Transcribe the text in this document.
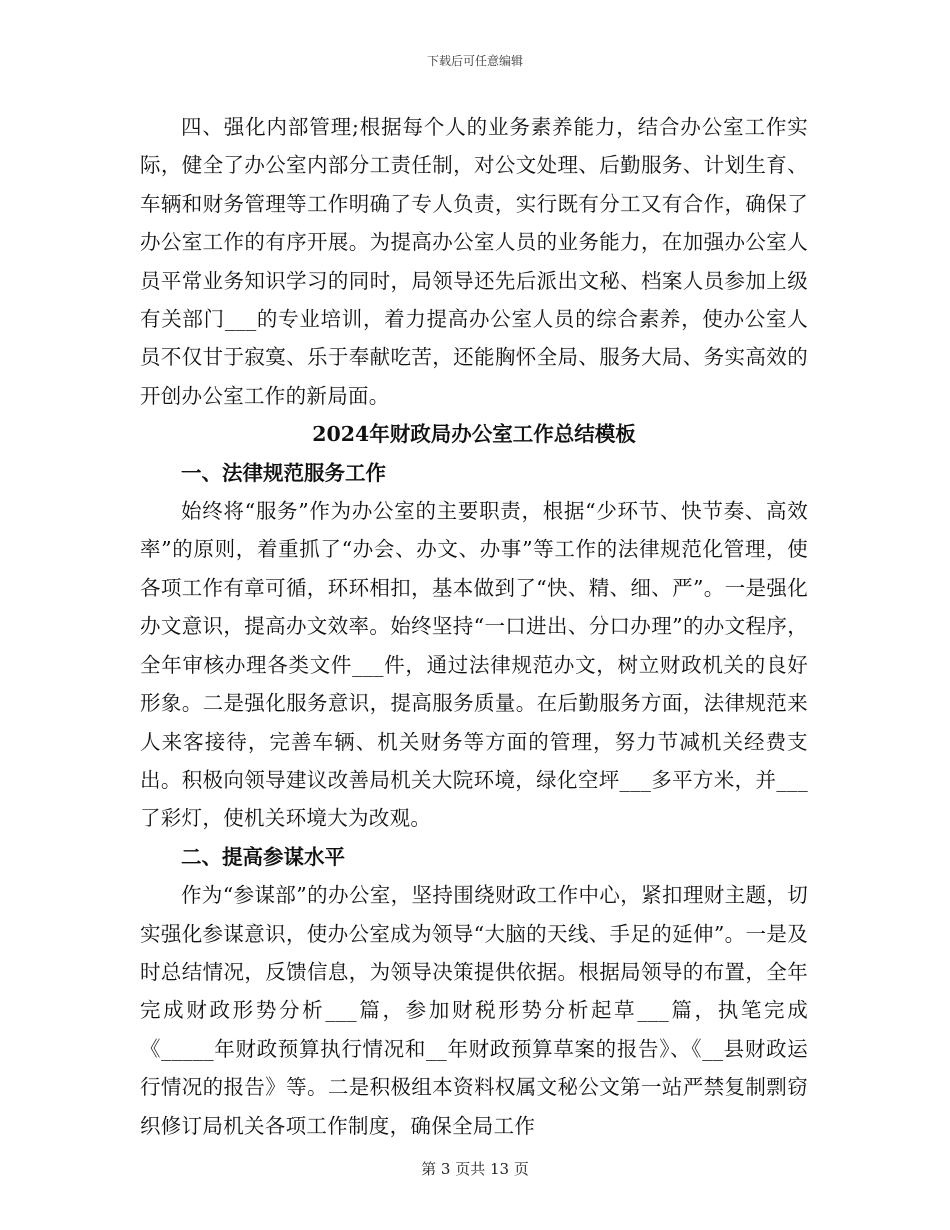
下载后可任意编辑

四、强化内部管理;根据每个人的业务素养能力，结合办公室工作实际，健全了办公室内部分工责任制，对公文处理、后勤服务、计划生育、车辆和财务管理等工作明确了专人负责，实行既有分工又有合作，确保了办公室工作的有序开展。为提高办公室人员的业务能力，在加强办公室人员平常业务知识学习的同时，局领导还先后派出文秘、档案人员参加上级有关部门___的专业培训，着力提高办公室人员的综合素养，使办公室人员不仅甘于寂寞、乐于奉献吃苦，还能胸怀全局、服务大局、务实高效的开创办公室工作的新局面。

2024年财政局办公室工作总结模板

一、法律规范服务工作

始终将“服务”作为办公室的主要职责，根据“少环节、快节奏、高效率”的原则，着重抓了“办会、办文、办事”等工作的法律规范化管理，使各项工作有章可循，环环相扣，基本做到了“快、精、细、严”。一是强化办文意识，提高办文效率。始终坚持“一口进出、分口办理”的办文程序，全年审核办理各类文件___件，通过法律规范办文，树立财政机关的良好形象。二是强化服务意识，提高服务质量。在后勤服务方面，法律规范来人来客接待，完善车辆、机关财务等方面的管理，努力节减机关经费支出。积极向领导建议改善局机关大院环境，绿化空坪___多平方米，并___了彩灯，使机关环境大为改观。

二、提高参谋水平

作为“参谋部”的办公室，坚持围绕财政工作中心，紧扣理财主题，切实强化参谋意识，使办公室成为领导“大脑的天线、手足的延伸”。一是及时总结情况，反馈信息，为领导决策提供依据。根据局领导的布置，全年完成财政形势分析___篇，参加财税形势分析起草___篇，执笔完成《_____年财政预算执行情况和__年财政预算草案的报告》、《__县财政运行情况的报告》等。二是积极组本资料权属文秘公文第一站严禁复制剽窃织修订局机关各项工作制度，确保全局工作

第 3 页共 13 页
